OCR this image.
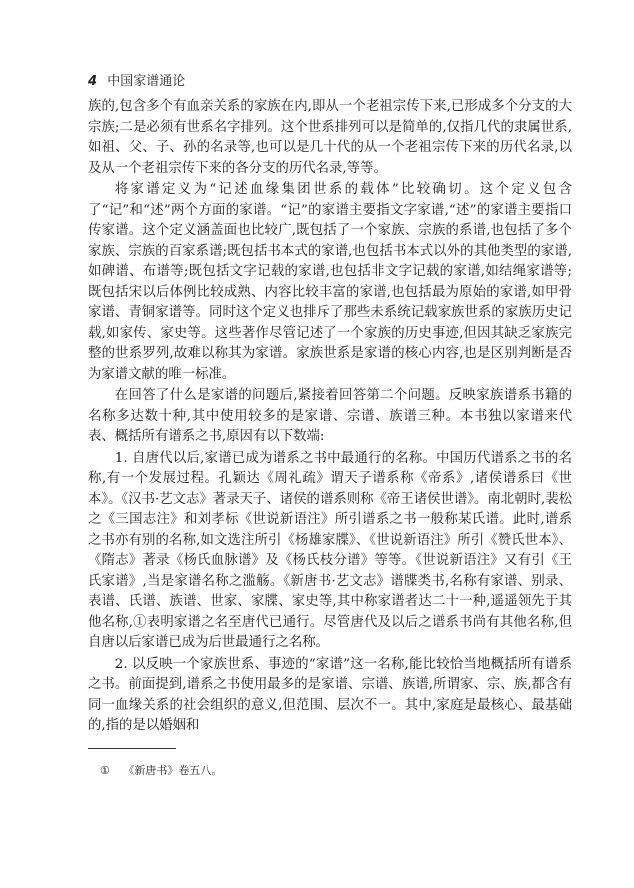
4 中国家谱通论

族的,包含多个有血亲关系的家族在内,即从一个老祖宗传下来,已形成多个分支的大宗族;二是必须有世系名字排列。这个世系排列可以是简单的,仅指几代的隶属世系,如祖、父、子、孙的名录等,也可以是几十代的从一个老祖宗传下来的历代名录,以及从一个老祖宗传下来的各分支的历代名录,等等。

将家谱定义为“记述血缘集团世系的载体”比较确切。这个定义包含了“记”和“述”两个方面的家谱。“记”的家谱主要指文字家谱,“述”的家谱主要指口传家谱。这个定义涵盖面也比较广,既包括了一个家族、宗族的系谱,也包括了多个家族、宗族的百家系谱;既包括书本式的家谱,也包括书本式以外的其他类型的家谱,如碑谱、布谱等;既包括文字记载的家谱,也包括非文字记载的家谱,如结绳家谱等;既包括宋以后体例比较成熟、内容比较丰富的家谱,也包括最为原始的家谱,如甲骨家谱、青铜家谱等。同时这个定义也排斥了那些未系统记载家族世系的家族历史记载,如家传、家史等。这些著作尽管记述了一个家族的历史事迹,但因其缺乏家族完整的世系罗列,故难以称其为家谱。家族世系是家谱的核心内容,也是区别判断是否为家谱文献的唯一标准。

在回答了什么是家谱的问题后,紧接着回答第二个问题。反映家族谱系书籍的名称多达数十种,其中使用较多的是家谱、宗谱、族谱三种。本书独以家谱来代表、概括所有谱系之书,原因有以下数端:

1. 自唐代以后,家谱已成为谱系之书中最通行的名称。中国历代谱系之书的名称,有一个发展过程。孔颖达《周礼疏》谓天子谱系称《帝系》,诸侯谱系曰《世本》。《汉书·艺文志》著录天子、诸侯的谱系则称《帝王诸侯世谱》。南北朝时,裴松之《三国志注》和刘孝标《世说新语注》所引谱系之书一般称某氏谱。此时,谱系之书亦有别的名称,如文选注所引《杨雄家牒》、《世说新语注》所引《赞氏世本》、《隋志》著录《杨氏血脉谱》及《杨氏枝分谱》等等。《世说新语注》又有引《王氏家谱》,当是家谱名称之滥觞。《新唐书·艺文志》谱牒类书,名称有家谱、别录、表谱、氏谱、族谱、世家、家牒、家史等,其中称家谱者达二十一种,遥遥领先于其他名称,①表明家谱之名至唐代已通行。尽管唐代及以后之谱系书尚有其他名称,但自唐以后家谱已成为后世最通行之名称。

2. 以反映一个家族世系、事迹的“家谱”这一名称,能比较恰当地概括所有谱系之书。前面提到,谱系之书使用最多的是家谱、宗谱、族谱,所谓家、宗、族,都含有同一血缘关系的社会组织的意义,但范围、层次不一。其中,家庭是最核心、最基础的,指的是以婚姻和

① 《新唐书》卷五八。
